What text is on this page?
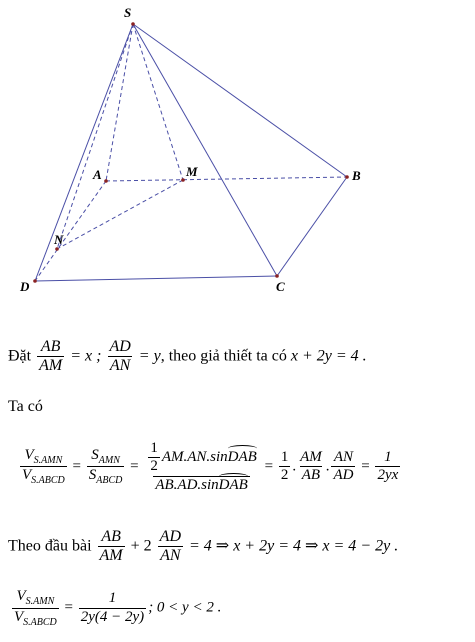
S
A	M	B
N
D	C
Đặt $\frac{AB}{AM} = x$ ; $\frac{AD}{AN} = y$, theo giả thiết ta có x + 2y = 4 .
Ta có
$\frac{V_{S.AMN}}{V_{S.ABCD}} = \frac{S_{AMN}}{S_{ABCD}} = \frac{\frac{1}{2} AM.AN.sinDAB}{\text{AB.AD.sinDAB}} = \frac{1}{2}$ . $\frac{AM}{AB}$ . $\frac{AN}{AD} = \frac{1}{2yx}$
Theo đầu bài $\frac{AB}{AM} + 2 \frac{AD}{AN} = 4$ ⇒ x + 2y = 4 ⇒ x = 4 − 2y .
$\frac{V_{S.AMN}}{V_{S.ABCD}} = \frac{1}{2y(4 - 2y)}$ ; 0 < y < 2 .
